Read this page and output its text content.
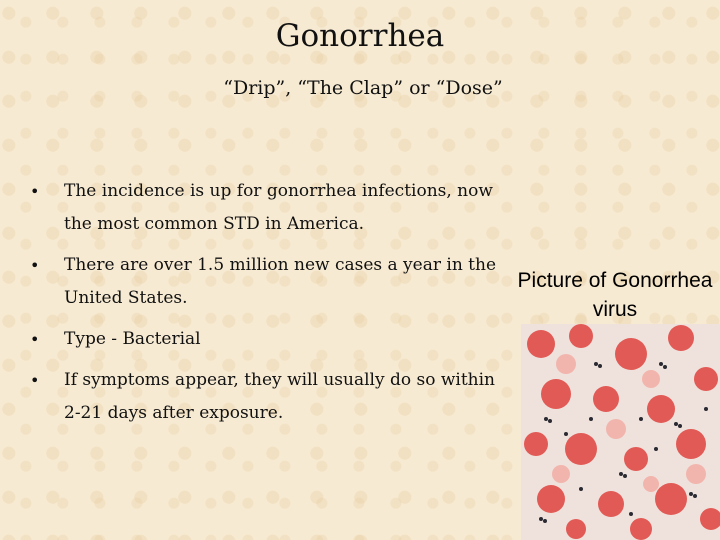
Gonorrhea
“Drip”, “The Clap” or “Dose”
•	The incidence is up for gonorrhea infections, now the most common STD in America.
•	There are over 1.5 million new cases a year in the United States.
•	Type - Bacterial
•	If symptoms appear, they will usually do so within 2-21 days after exposure.
Picture of Gonorrhea virus
